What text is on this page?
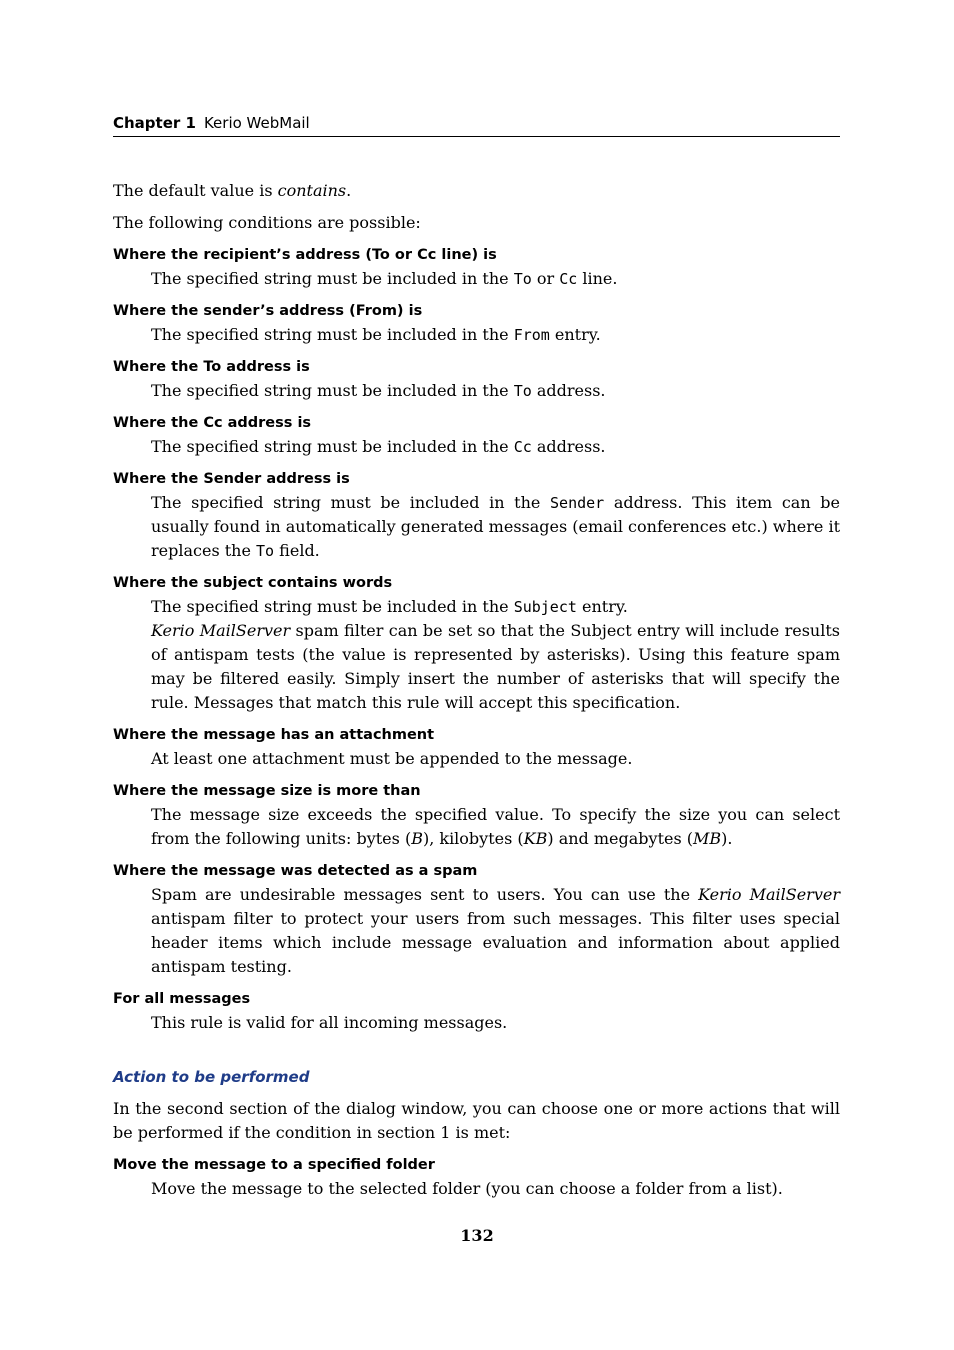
Chapter 1 Kerio WebMail

The default value is contains.

The following conditions are possible:

Where the recipient’s address (To or Cc line) is
The specified string must be included in the To or Cc line.
Where the sender’s address (From) is
The specified string must be included in the From entry.
Where the To address is
The specified string must be included in the To address.
Where the Cc address is
The specified string must be included in the Cc address.
Where the Sender address is
The specified string must be included in the Sender address. This item can be usually found in automatically generated messages (email conferences etc.) where it replaces the To field.
Where the subject contains words

The specified string must be included in the Subject entry.

Kerio MailServer spam filter can be set so that the Subject entry will include results of antispam tests (the value is represented by asterisks). Using this feature spam may be filtered easily. Simply insert the number of asterisks that will specify the rule. Messages that match this rule will accept this specification.

Where the message has an attachment
At least one attachment must be appended to the message.
Where the message size is more than
The message size exceeds the specified value. To specify the size you can select from the following units: bytes (B), kilobytes (KB) and megabytes (MB).
Where the message was detected as a spam
Spam are undesirable messages sent to users. You can use the Kerio MailServer antispam filter to protect your users from such messages. This filter uses special header items which include message evaluation and information about applied antispam testing.
For all messages
This rule is valid for all incoming messages.
Action to be performed

In the second section of the dialog window, you can choose one or more actions that will be performed if the condition in section 1 is met:

Move the message to a specified folder
Move the message to the selected folder (you can choose a folder from a list).
132
